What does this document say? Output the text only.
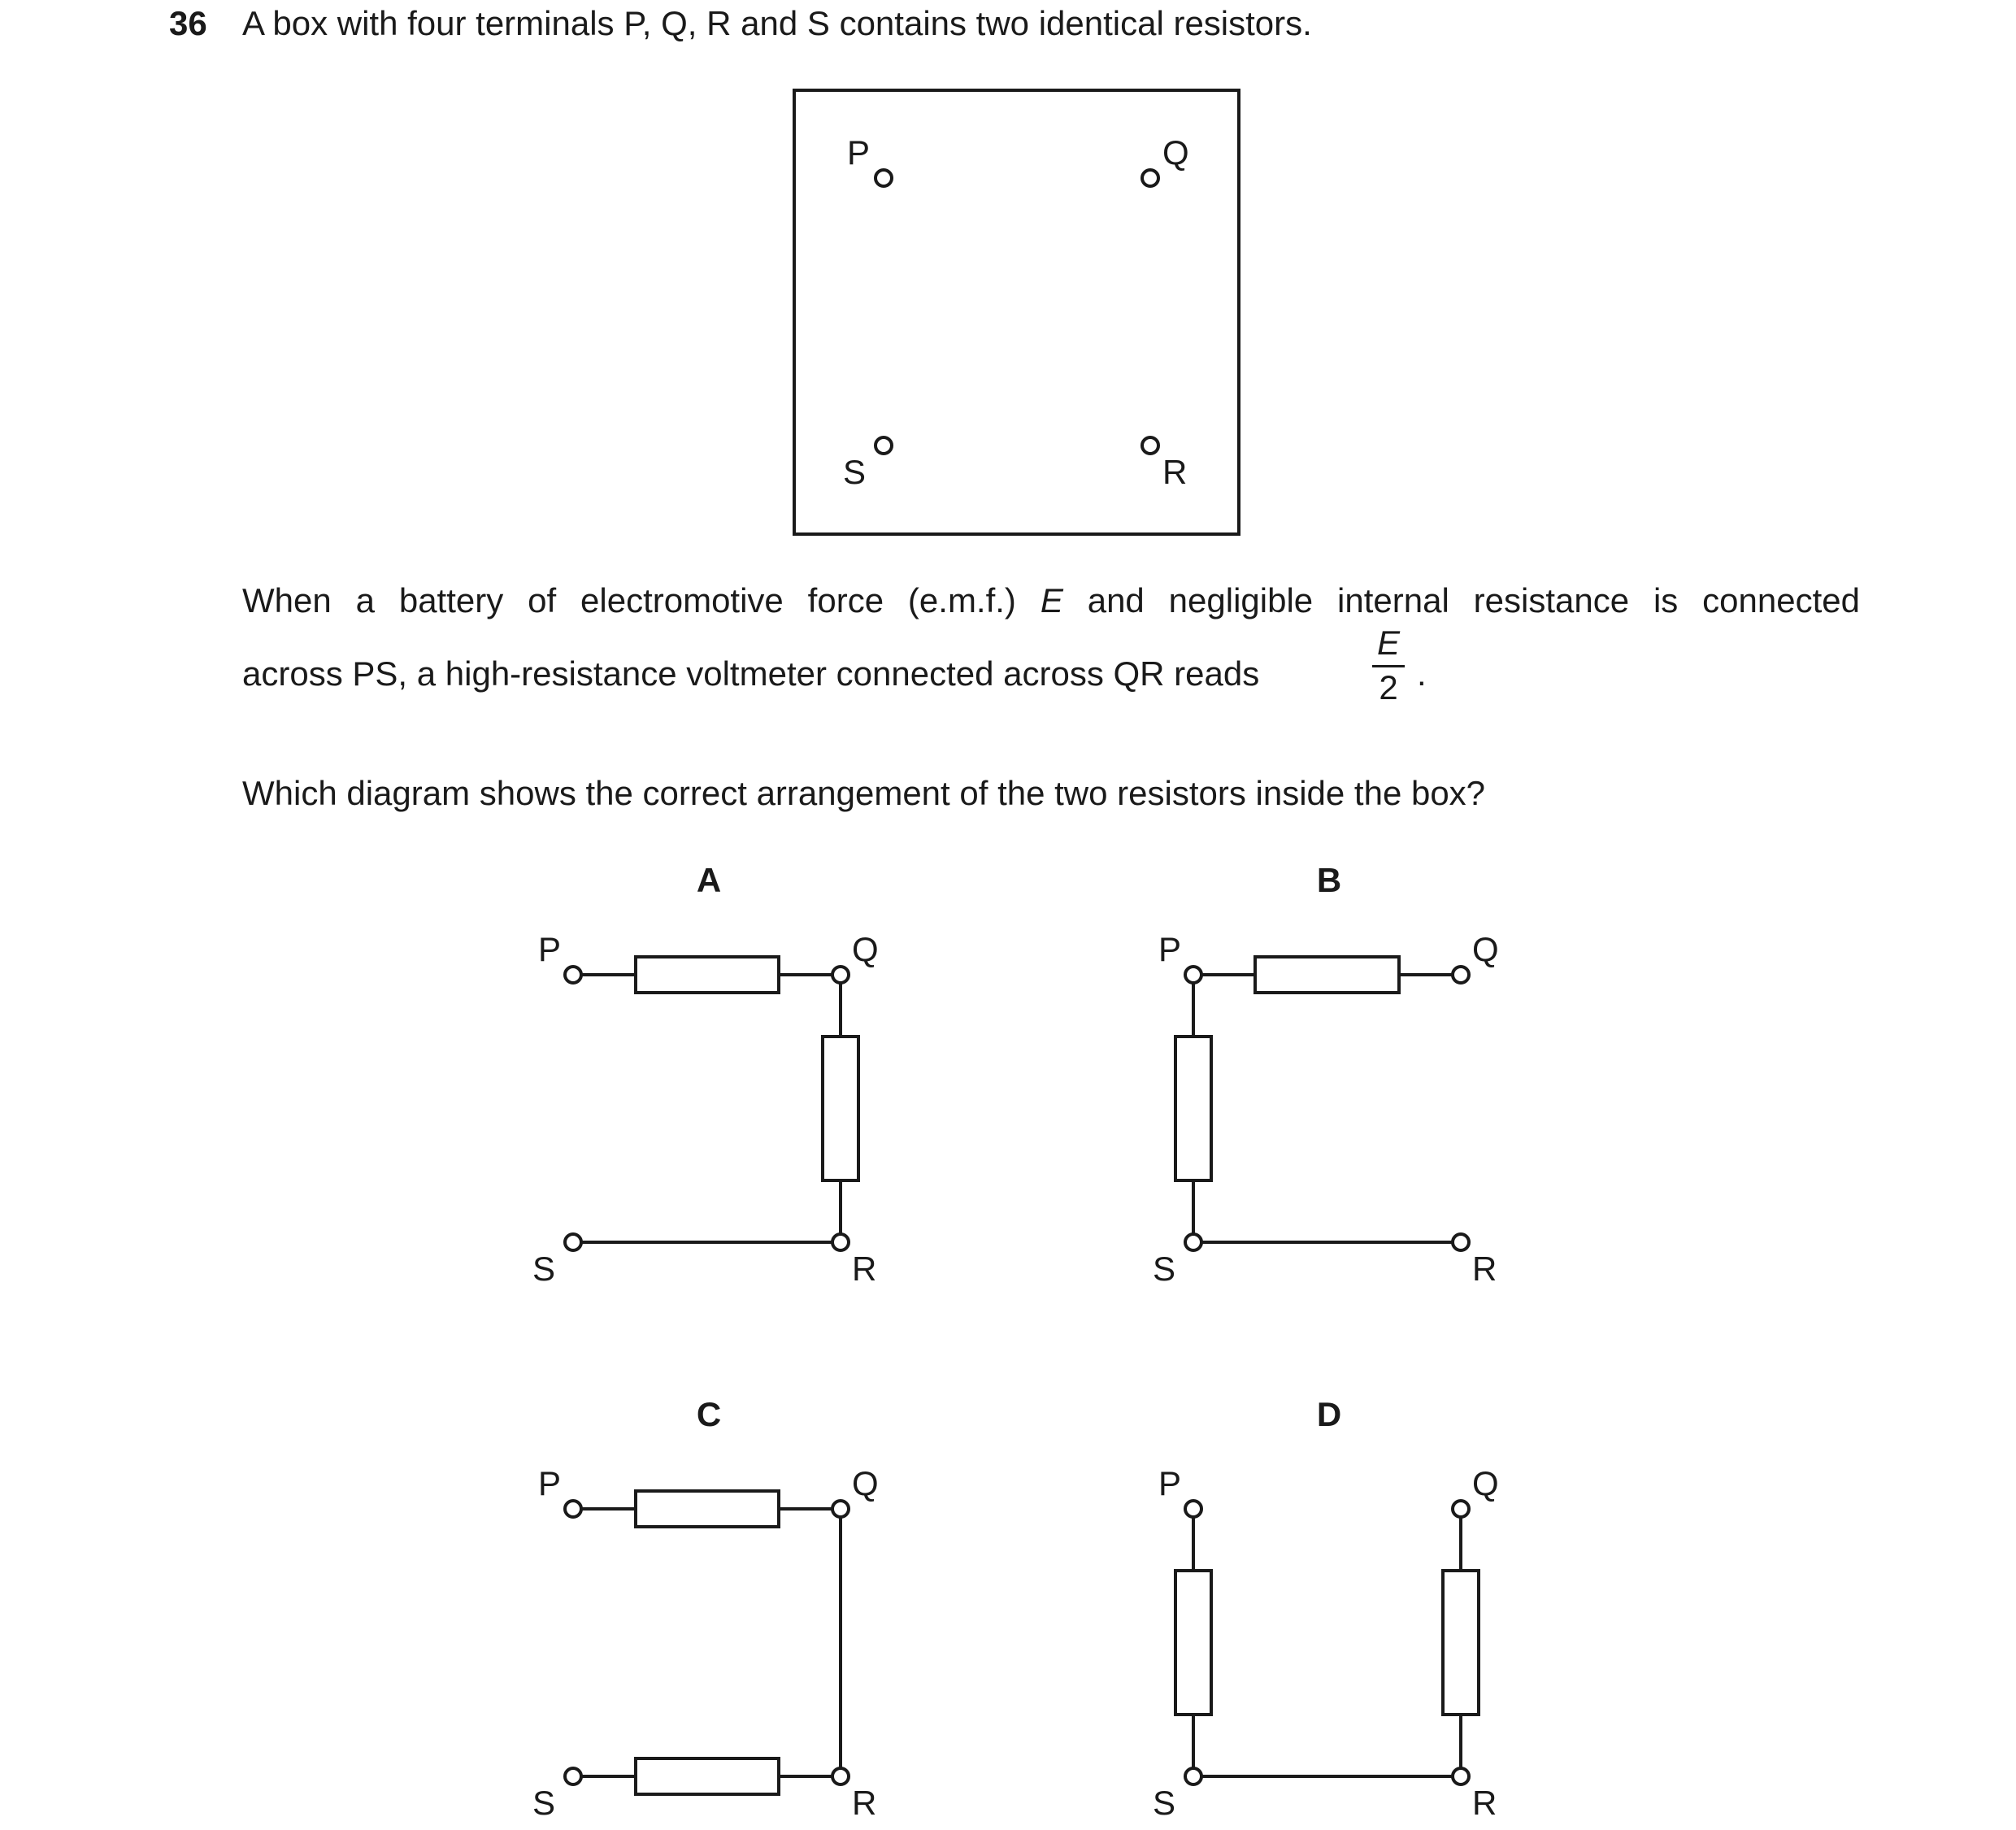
36 A box with four terminals P, Q, R and S contains two identical resistors.
When a battery of electromotive force (e.m.f.) E and negligible internal resistance is connected
across PS, a high-resistance voltmeter connected across QR reads
E
2 .
Which diagram shows the correct arrangement of the two resistors inside the box?
P	Q
S	R
A	B
C	D
P	Q
S	R
P	Q
S	R
P	Q
S	R
P	Q
S	R
